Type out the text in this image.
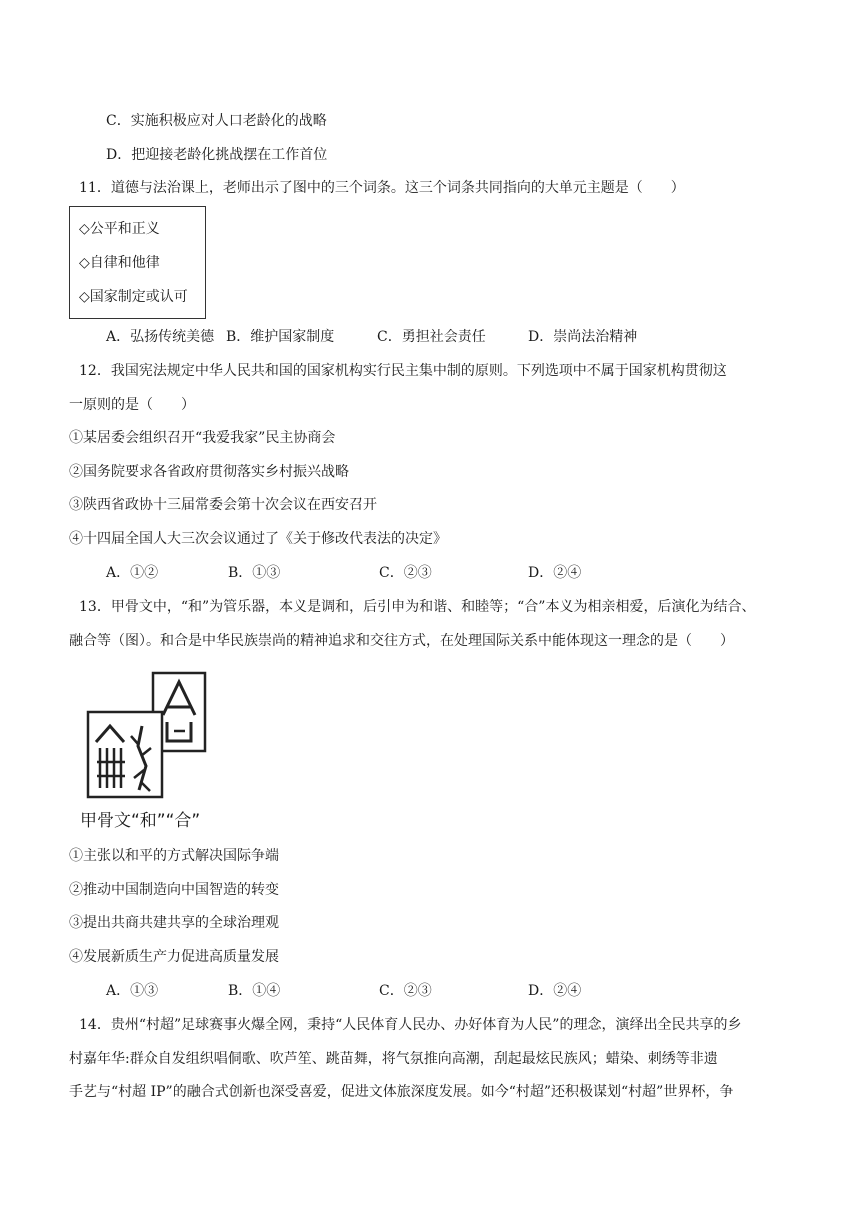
C．实施积极应对人口老龄化的战略
D．把迎接老龄化挑战摆在工作首位
11．道德与法治课上，老师出示了图中的三个词条。这三个词条共同指向的大单元主题是（　　）
◇公平和正义
◇自律和他律
◇国家制定或认可
A．弘扬传统美德 B．维护国家制度	C．勇担社会责任	D．崇尚法治精神
12．我国宪法规定中华人民共和国的国家机构实行民主集中制的原则。下列选项中不属于国家机构贯彻这
一原则的是（　　）
①某居委会组织召开“我爱我家”民主协商会
②国务院要求各省政府贯彻落实乡村振兴战略
③陕西省政协十三届常委会第十次会议在西安召开
④十四届全国人大三次会议通过了《关于修改代表法的决定》
A．①②	B．①③	C．②③	D．②④
13．甲骨文中，“和”为管乐器，本义是调和，后引申为和谐、和睦等；“合”本义为相亲相爱，后演化为结合、
融合等（图）。和合是中华民族崇尚的精神追求和交往方式，在处理国际关系中能体现这一理念的是（　　）
甲骨文“和”“合”
①主张以和平的方式解决国际争端
②推动中国制造向中国智造的转变
③提出共商共建共享的全球治理观
④发展新质生产力促进高质量发展
A．①③	B．①④	C．②③	D．②④
14．贵州“村超”足球赛事火爆全网，秉持“人民体育人民办、办好体育为人民”的理念，演绎出全民共享的乡
村嘉年华:群众自发组织唱侗歌、吹芦笙、跳苗舞，将气氛推向高潮，刮起最炫民族风；蜡染、刺绣等非遗
手艺与“村超 IP”的融合式创新也深受喜爱，促进文体旅深度发展。如今“村超”还积极谋划“村超”世界杯，争
